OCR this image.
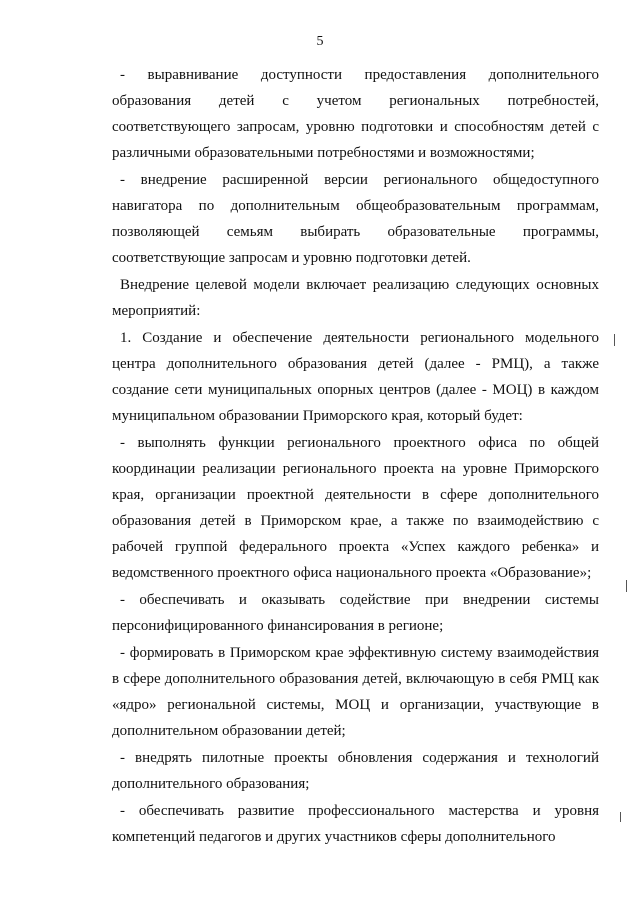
5

- выравнивание доступности предоставления дополнительного образования детей с учетом региональных потребностей, соответствующего запросам, уровню подготовки и способностям детей с различными образовательными потребностями и возможностями;

- внедрение расширенной версии регионального общедоступного навигатора по дополнительным общеобразовательным программам, позволяющей семьям выбирать образовательные программы, соответствующие запросам и уровню подготовки детей.

Внедрение целевой модели включает реализацию следующих основных мероприятий:

1. Создание и обеспечение деятельности регионального модельного центра дополнительного образования детей (далее - РМЦ), а также создание сети муниципальных опорных центров (далее - МОЦ) в каждом муниципальном образовании Приморского края, который будет:

- выполнять функции регионального проектного офиса по общей координации реализации регионального проекта на уровне Приморского края, организации проектной деятельности в сфере дополнительного образования детей в Приморском крае, а также по взаимодействию с рабочей группой федерального проекта «Успех каждого ребенка» и ведомственного проектного офиса национального проекта «Образование»;

- обеспечивать и оказывать содействие при внедрении системы персонифицированного финансирования в регионе;

- формировать в Приморском крае эффективную систему взаимодействия в сфере дополнительного образования детей, включающую в себя РМЦ как «ядро» региональной системы, МОЦ и организации, участвующие в дополнительном образовании детей;

- внедрять пилотные проекты обновления содержания и технологий дополнительного образования;

- обеспечивать развитие профессионального мастерства и уровня компетенций педагогов и других участников сферы дополнительного
